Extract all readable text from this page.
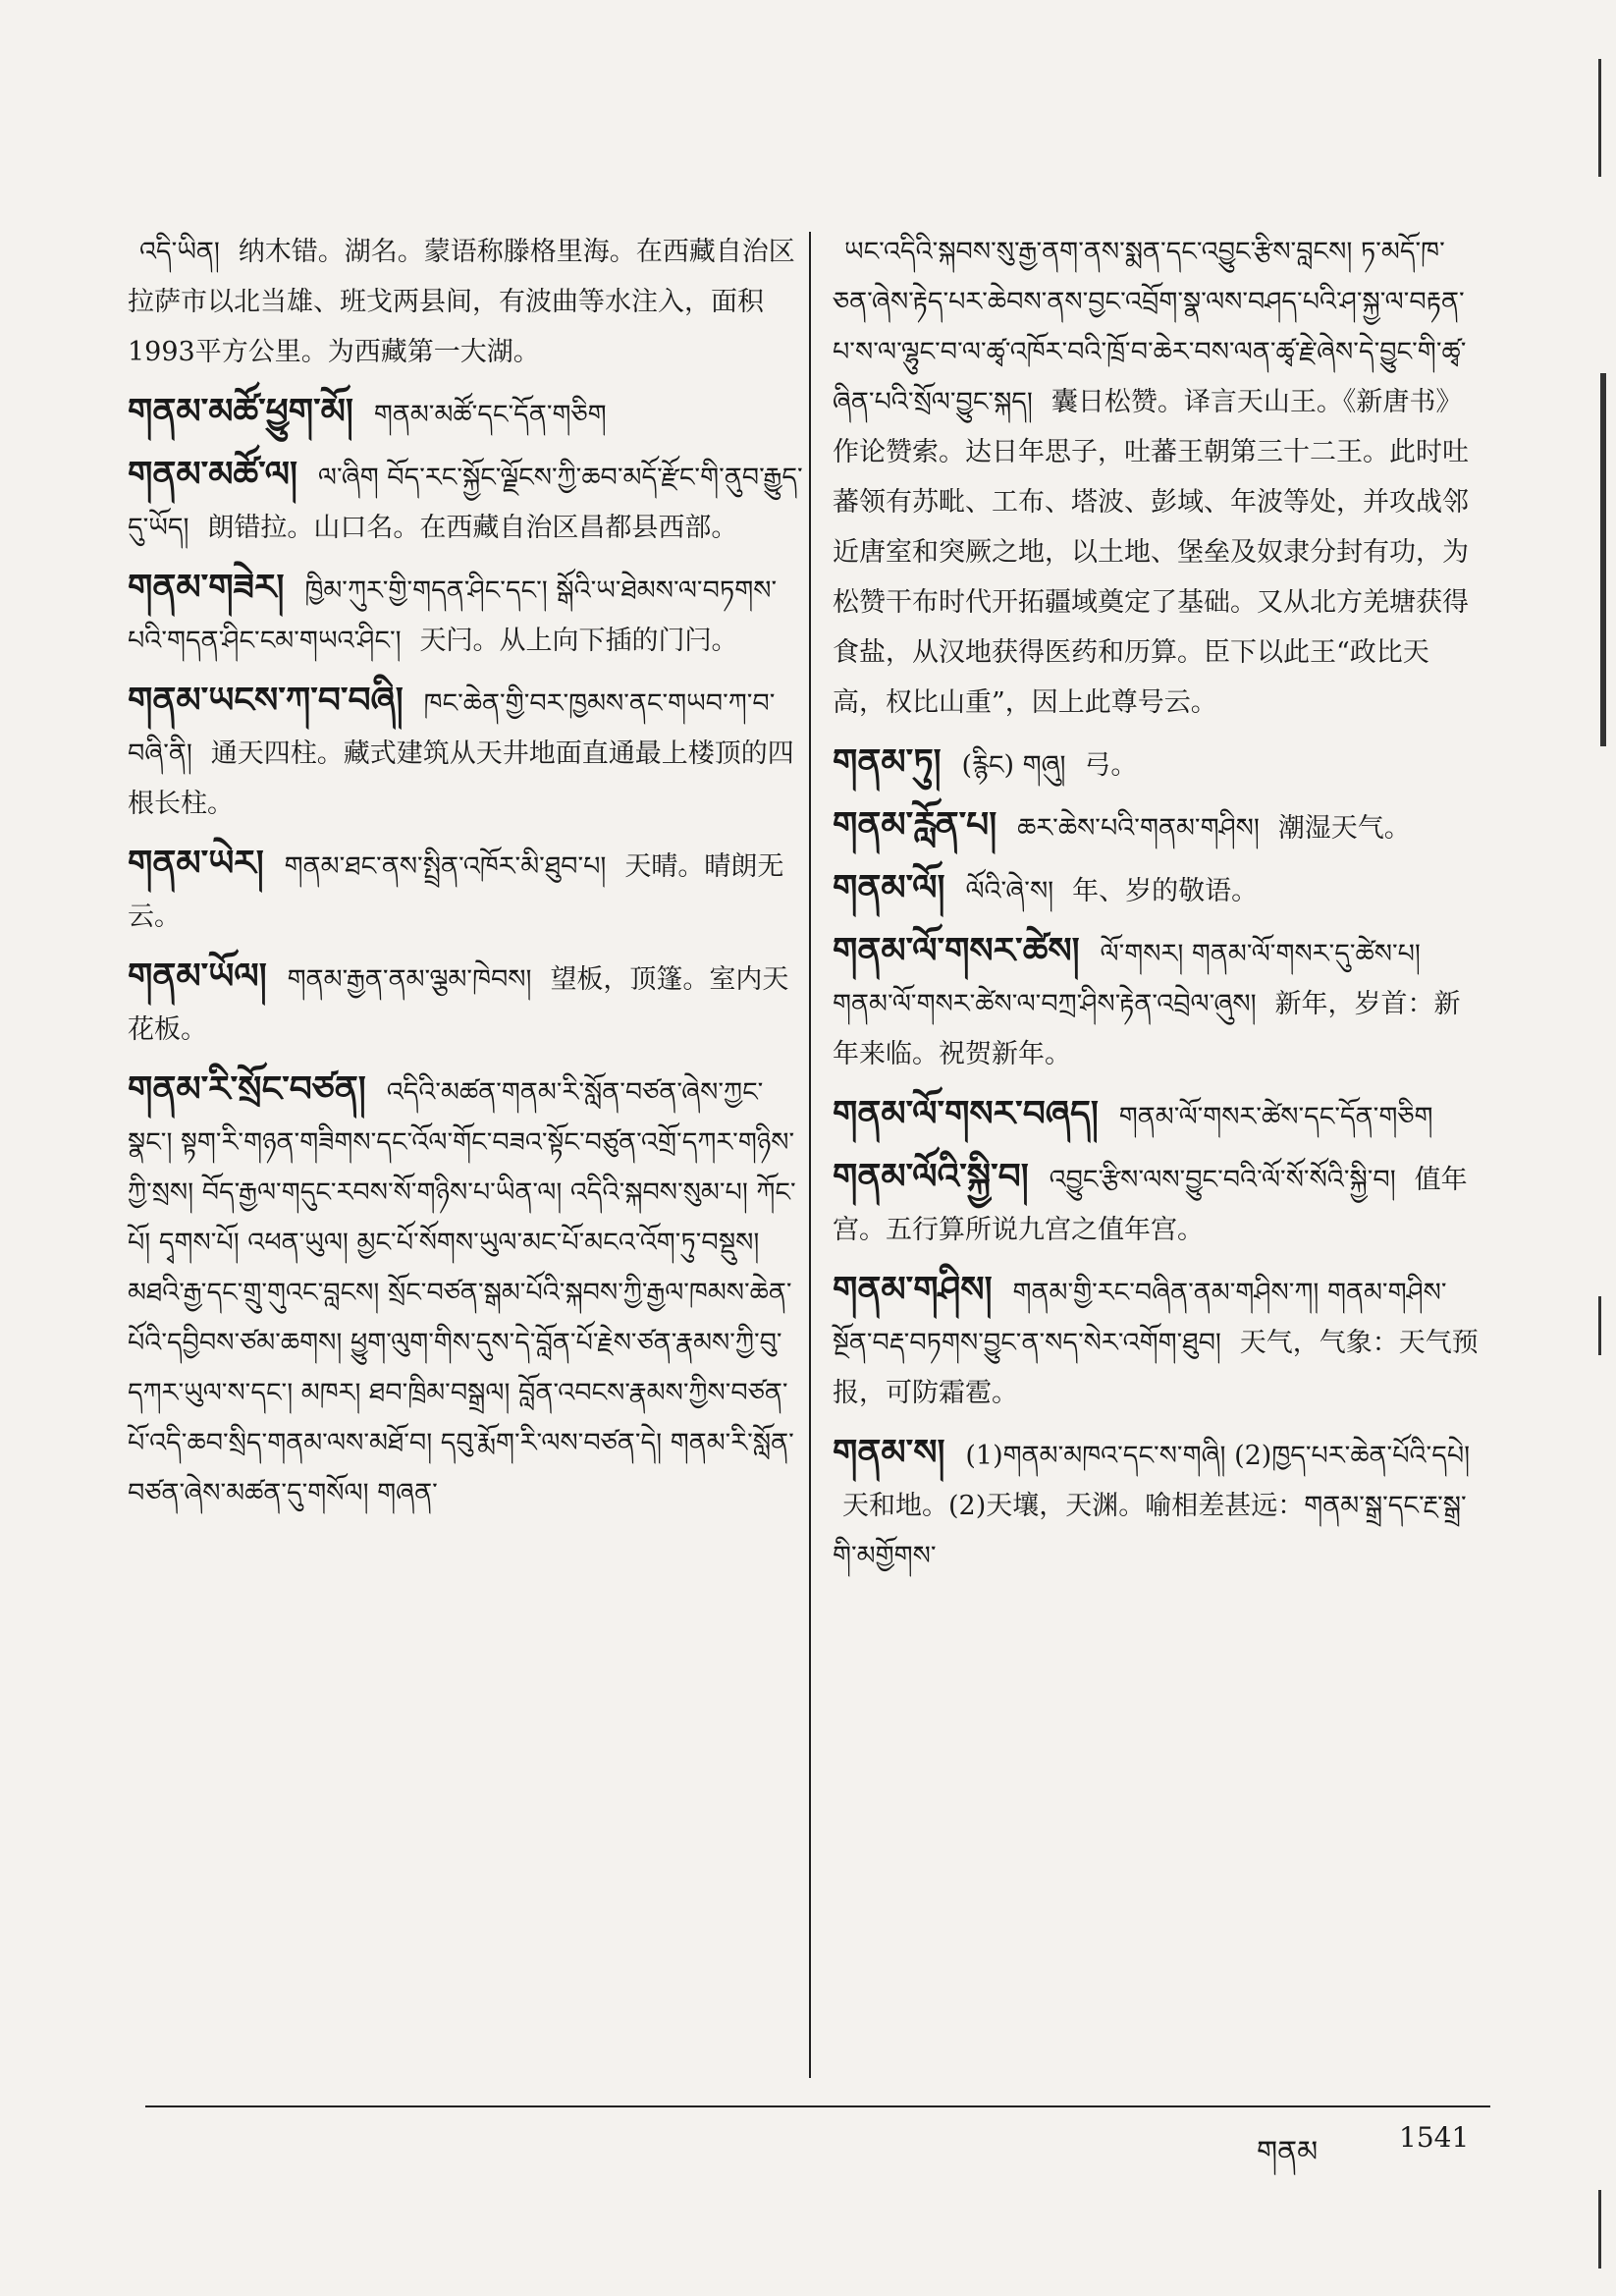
འདི་ཡིན། 纳木错。湖名。蒙语称滕格里海。在西藏自治区拉萨市以北当雄、班戈两县间，有波曲等水注入，面积1993平方公里。为西藏第一大湖。
གནམ་མཚོ་ཕྱུག་མོ། གནམ་མཚོ་དང་དོན་གཅིག
གནམ་མཚོ་ལ། ལ་ཞིག བོད་རང་སྐྱོང་ལྗོངས་ཀྱི་ཆབ་མདོ་རྫོང་གི་ནུབ་རྒྱུད་དུ་ཡོད། 朗错拉。山口名。在西藏自治区昌都县西部。
གནམ་གཟེར། ཁྱིམ་ཀུར་གྱི་གདན་ཤིང་དང་། སྒོའི་ཡ་ཐེམས་ལ་བཏགས་པའི་གདན་ཤིང་ངམ་གཡའ་ཤིང་། 天闩。从上向下插的门闩。
གནམ་ཡངས་ཀ་བ་བཞི། ཁང་ཆེན་གྱི་བར་ཁྱམས་ནང་གཡབ་ཀ་བ་བཞི་ནི། 通天四柱。藏式建筑从天井地面直通最上楼顶的四根长柱。
གནམ་ཡེར། གནམ་ཐང་ནས་སྤྲིན་འཁོར་མི་ཐུབ་པ། 天晴。晴朗无云。
གནམ་ཡོལ། གནམ་རྒྱན་ནམ་ལྕམ་ཁེབས། 望板，顶篷。室内天花板。
གནམ་རི་སྲོང་བཙན། འདིའི་མཚན་གནམ་རི་སློན་བཙན་ཞེས་ཀྱང་སྣང་། སྟག་རི་གཉན་གཟིགས་དང་འོལ་གོང་བཟའ་སྟོང་བཙུན་འགྲོ་དཀར་གཉིས་ཀྱི་སྲས། བོད་རྒྱལ་གདུང་རབས་སོ་གཉིས་པ་ཡིན་ལ། འདིའི་སྐབས་སུམ་པ། ཀོང་པོ། དྭགས་པོ། འཕན་ཡུལ། མྱང་པོ་སོགས་ཡུལ་མང་པོ་མངའ་འོག་ཏུ་བསྡུས། མཐའི་རྒྱ་དང་གྲུ་གུའང་བླངས། སྲོང་བཙན་སྒམ་པོའི་སྐབས་ཀྱི་རྒྱལ་ཁམས་ཆེན་པོའི་དབྱིབས་ཙམ་ཆགས། ཕྱུག་ལུག་གིས་དུས་དེ་བློན་པོ་རྗེས་ཙན་རྣམས་ཀྱི་བུ་དཀར་ཡུལ་ས་དང་། མཁར། ཐབ་ཁྲིམ་བསྒྲལ། བློན་འབངས་རྣམས་ཀྱིས་བཙན་པོ་འདི་ཆབ་སྲིད་གནམ་ལས་མཐོ་བ། དབུ་རྨོག་རི་ལས་བཙན་དེ། གནམ་རི་སློན་བཙན་ཞེས་མཚན་དུ་གསོལ། གཞན་
ཡང་འདིའི་སྐབས་སུ་རྒྱ་ནག་ནས་སྨན་དང་འབྱུང་རྩིས་བླངས། ཏ་མདོ་ཁ་ཅན་ཞེས་རྟེད་པར་ཆེབས་ནས་བྱང་འབྲོག་སྣ་ལས་བཤད་པའི་ཤ་སྐྱ་ལ་བརྟན་པ་ས་ལ་ལྷུང་བ་ལ་ཚྭ་འཁོར་བའི་ཁྲོ་བ་ཆེར་བས་ལན་ཚྭ་རྗེ་ཞེས་དེ་བྱུང་གི་ཚྭ་ཞིན་པའི་སྲོལ་བྱུང་སྐད། 囊日松赞。译言天山王。《新唐书》作论赞索。达日年思子，吐蕃王朝第三十二王。此时吐蕃领有苏毗、工布、塔波、彭域、年波等处，并攻战邻近唐室和突厥之地，以土地、堡垒及奴隶分封有功，为松赞干布时代开拓疆域奠定了基础。又从北方羌塘获得食盐，从汉地获得医药和历算。臣下以此王“政比天高，权比山重”，因上此尊号云。
གནམ་ཏུ། (རྙིང) གཞུ། 弓。
གནམ་རློན་པ། ཆར་ཆེས་པའི་གནམ་གཤིས། 潮湿天气。
གནམ་ལོ། ལོའི་ཞེ་ས། 年、岁的敬语。
གནམ་ལོ་གསར་ཚེས། ལོ་གསར། གནམ་ལོ་གསར་དུ་ཚེས་པ། གནམ་ལོ་གསར་ཚེས་ལ་བཀྲ་ཤིས་རྟེན་འབྲེལ་ཞུས། 新年，岁首：新年来临。祝贺新年。
གནམ་ལོ་གསར་བཞད། གནམ་ལོ་གསར་ཚེས་དང་དོན་གཅིག
གནམ་ལོའི་སྐྱི་བ། འབྱུང་རྩིས་ལས་བྱུང་བའི་ལོ་སོ་སོའི་སྐྱི་བ། 值年宫。五行算所说九宫之值年宫。
གནམ་གཤིས། གནམ་གྱི་རང་བཞིན་ནམ་གཤིས་ཀ། གནམ་གཤིས་སྔོན་བརྡ་བཏགས་བྱུང་ན་སད་སེར་འགོག་ཐུབ། 天气，气象：天气预报，可防霜雹。
གནམ་ས། (1)གནམ་མཁའ་དང་ས་གཞི། (2)ཁྱད་པར་ཆེན་པོའི་དཔེ། 天和地。(2)天壤，天渊。喻相差甚远：གནམ་སྒྲ་དང་རྔ་སྒྲ་གི་མགྱོགས་
གནམ	1541
